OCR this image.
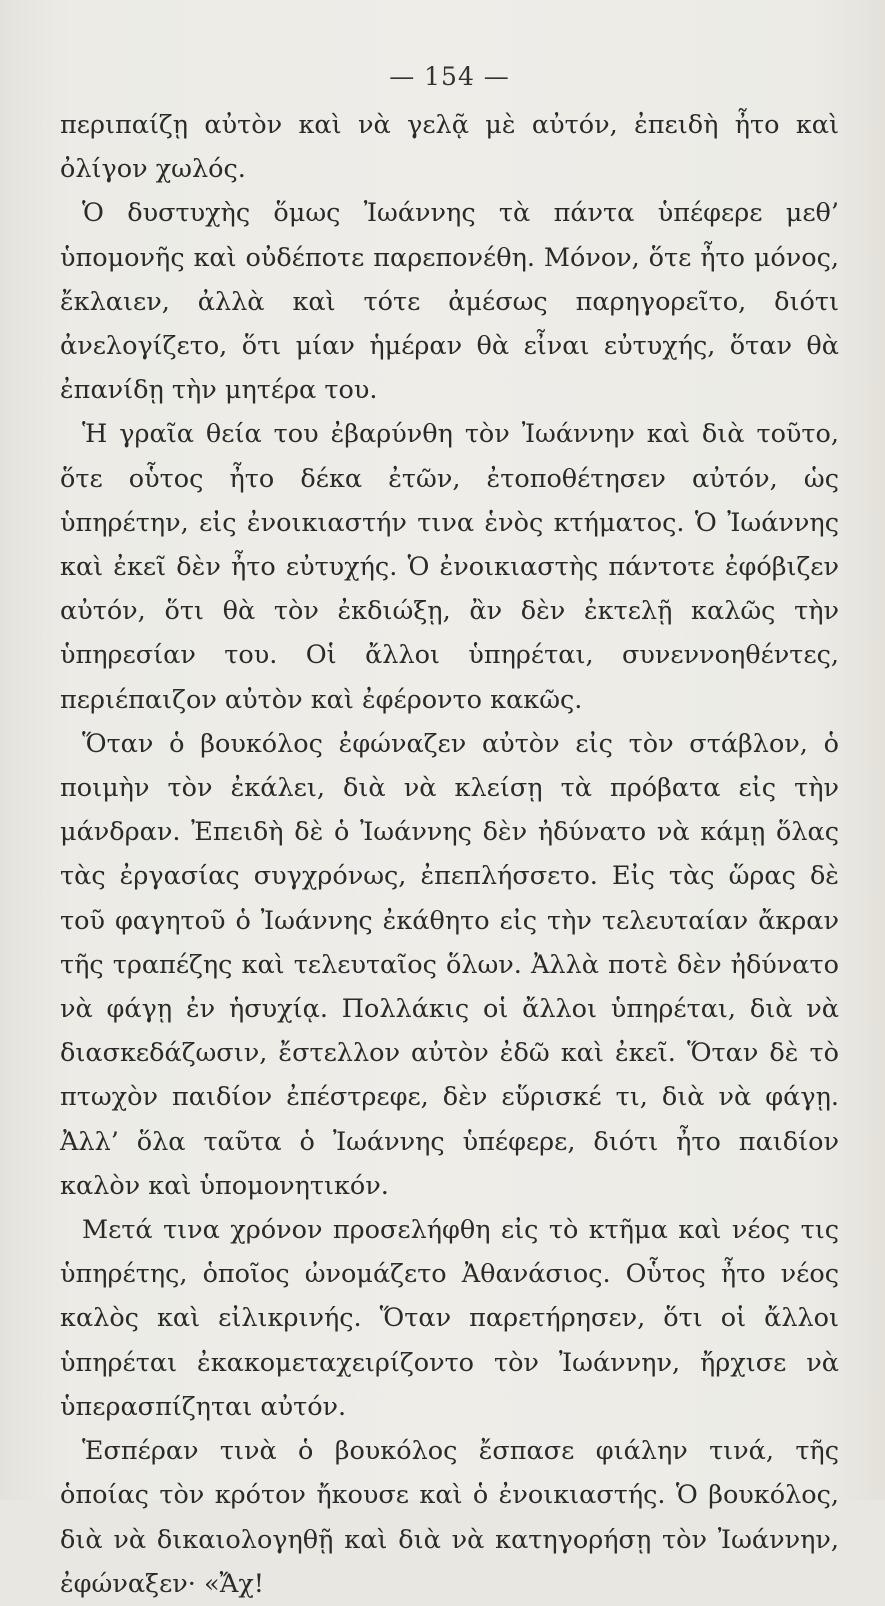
— 154 —

περιπαίζῃ αὐτὸν καὶ νὰ γελᾷ μὲ αὐτόν, ἐπειδὴ ἦτο καὶ ὀλίγον χωλός.

Ὁ δυστυχὴς ὅμως Ἰωάννης τὰ πάντα ὑπέφερε μεθ’ ὑπομονῆς καὶ οὐδέποτε παρεπονέθη. Μόνον, ὅτε ἦτο μόνος, ἔκλαιεν, ἀλλὰ καὶ τότε ἀμέσως παρηγορεῖτο, διότι ἀνελογίζετο, ὅτι μίαν ἡμέραν θὰ εἶναι εὐτυχής, ὅταν θὰ ἐπανίδῃ τὴν μητέρα του.

Ἡ γραῖα θεία του ἐβαρύνθη τὸν Ἰωάννην καὶ διὰ τοῦτο, ὅτε οὗτος ἦτο δέκα ἐτῶν, ἐτοποθέτησεν αὐτόν, ὡς ὑπηρέτην, εἰς ἐνοικιαστήν τινα ἑνὸς κτήματος. Ὁ Ἰωάννης καὶ ἐκεῖ δὲν ἦτο εὐτυχής. Ὁ ἐνοικιαστὴς πάντοτε ἐφόβιζεν αὐτόν, ὅτι θὰ τὸν ἐκδιώξῃ, ἂν δὲν ἐκτελῇ καλῶς τὴν ὑπηρεσίαν του. Οἱ ἄλλοι ὑπηρέται, συνεννοηθέντες, περιέπαιζον αὐτὸν καὶ ἐφέροντο κακῶς.

Ὅταν ὁ βουκόλος ἐφώναζεν αὐτὸν εἰς τὸν στάβλον, ὁ ποιμὴν τὸν ἐκάλει, διὰ νὰ κλείσῃ τὰ πρόβατα εἰς τὴν μάνδραν. Ἐπειδὴ δὲ ὁ Ἰωάννης δὲν ἠδύνατο νὰ κάμῃ ὅλας τὰς ἐργασίας συγχρόνως, ἐπεπλήσσετο. Εἰς τὰς ὥρας δὲ τοῦ φαγητοῦ ὁ Ἰωάννης ἐκάθητο εἰς τὴν τελευταίαν ἄκραν τῆς τραπέζης καὶ τελευταῖος ὅλων. Ἀλλὰ ποτὲ δὲν ἠδύνατο νὰ φάγῃ ἐν ἡσυχίᾳ. Πολλάκις οἱ ἄλλοι ὑπηρέται, διὰ νὰ διασκεδάζωσιν, ἔστελλον αὐτὸν ἐδῶ καὶ ἐκεῖ. Ὅταν δὲ τὸ πτωχὸν παιδίον ἐπέστρεφε, δὲν εὕρισκέ τι, διὰ νὰ φάγῃ. Ἀλλ’ ὅλα ταῦτα ὁ Ἰωάννης ὑπέφερε, διότι ἦτο παιδίον καλὸν καὶ ὑπομονητικόν.

Μετά τινα χρόνον προσελήφθη εἰς τὸ κτῆμα καὶ νέος τις ὑπηρέτης, ὁποῖος ὠνομάζετο Ἀθανάσιος. Οὗτος ἦτο νέος καλὸς καὶ εἰλικρινής. Ὅταν παρετήρησεν, ὅτι οἱ ἄλλοι ὑπηρέται ἐκακομεταχειρίζοντο τὸν Ἰωάννην, ἤρχισε νὰ ὑπερασπίζηται αὐτόν.

Ἑσπέραν τινὰ ὁ βουκόλος ἔσπασε φιάλην τινά, τῆς ὁποίας τὸν κρότον ἤκουσε καὶ ὁ ἐνοικιαστής. Ὁ βουκόλος, διὰ νὰ δικαιολογηθῇ καὶ διὰ νὰ κατηγορήσῃ τὸν Ἰωάννην, ἐφώναξεν· «Ἄχ!
